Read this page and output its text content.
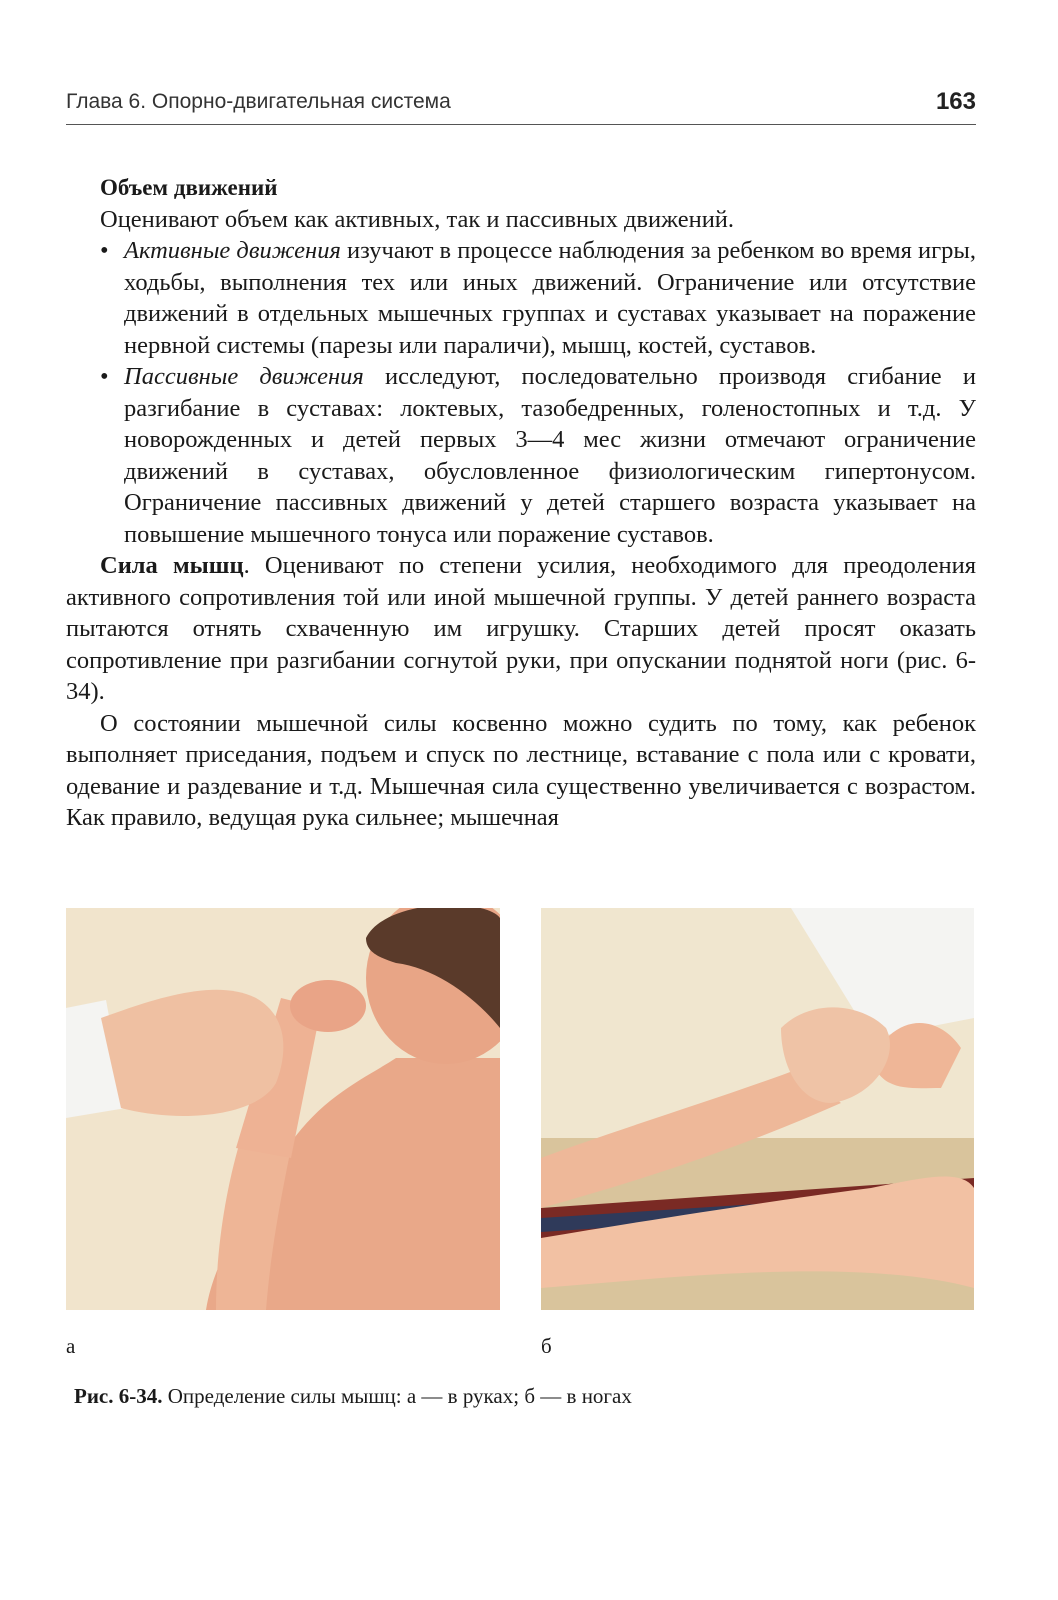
Глава 6. Опорно-двигательная система	163

Объем движений

Оценивают объем как активных, так и пассивных движений.

• Активные движения изучают в процессе наблюдения за ребенком во время игры, ходьбы, выполнения тех или иных движений. Ограничение или отсутствие движений в отдельных мышечных группах и суставах указывает на поражение нервной системы (парезы или параличи), мышц, костей, суставов.

• Пассивные движения исследуют, последовательно производя сгибание и разгибание в суставах: локтевых, тазобедренных, голеностопных и т.д. У новорожденных и детей первых 3—4 мес жизни отмечают ограничение движений в суставах, обусловленное физиологическим гипертонусом. Ограничение пассивных движений у детей старшего возраста указывает на повышение мышечного тонуса или поражение суставов.

Сила мышц. Оценивают по степени усилия, необходимого для преодоления активного сопротивления той или иной мышечной группы. У детей раннего возраста пытаются отнять схваченную им игрушку. Старших детей просят оказать сопротивление при разгибании согнутой руки, при опускании поднятой ноги (рис. 6-34).

О состоянии мышечной силы косвенно можно судить по тому, как ребенок выполняет приседания, подъем и спуск по лестнице, вставание с пола или с кровати, одевание и раздевание и т.д. Мышечная сила существенно увеличивается с возрастом. Как правило, ведущая рука сильнее; мышечная

а	б
Рис. 6-34. Определение силы мышц: а — в руках; б — в ногах
